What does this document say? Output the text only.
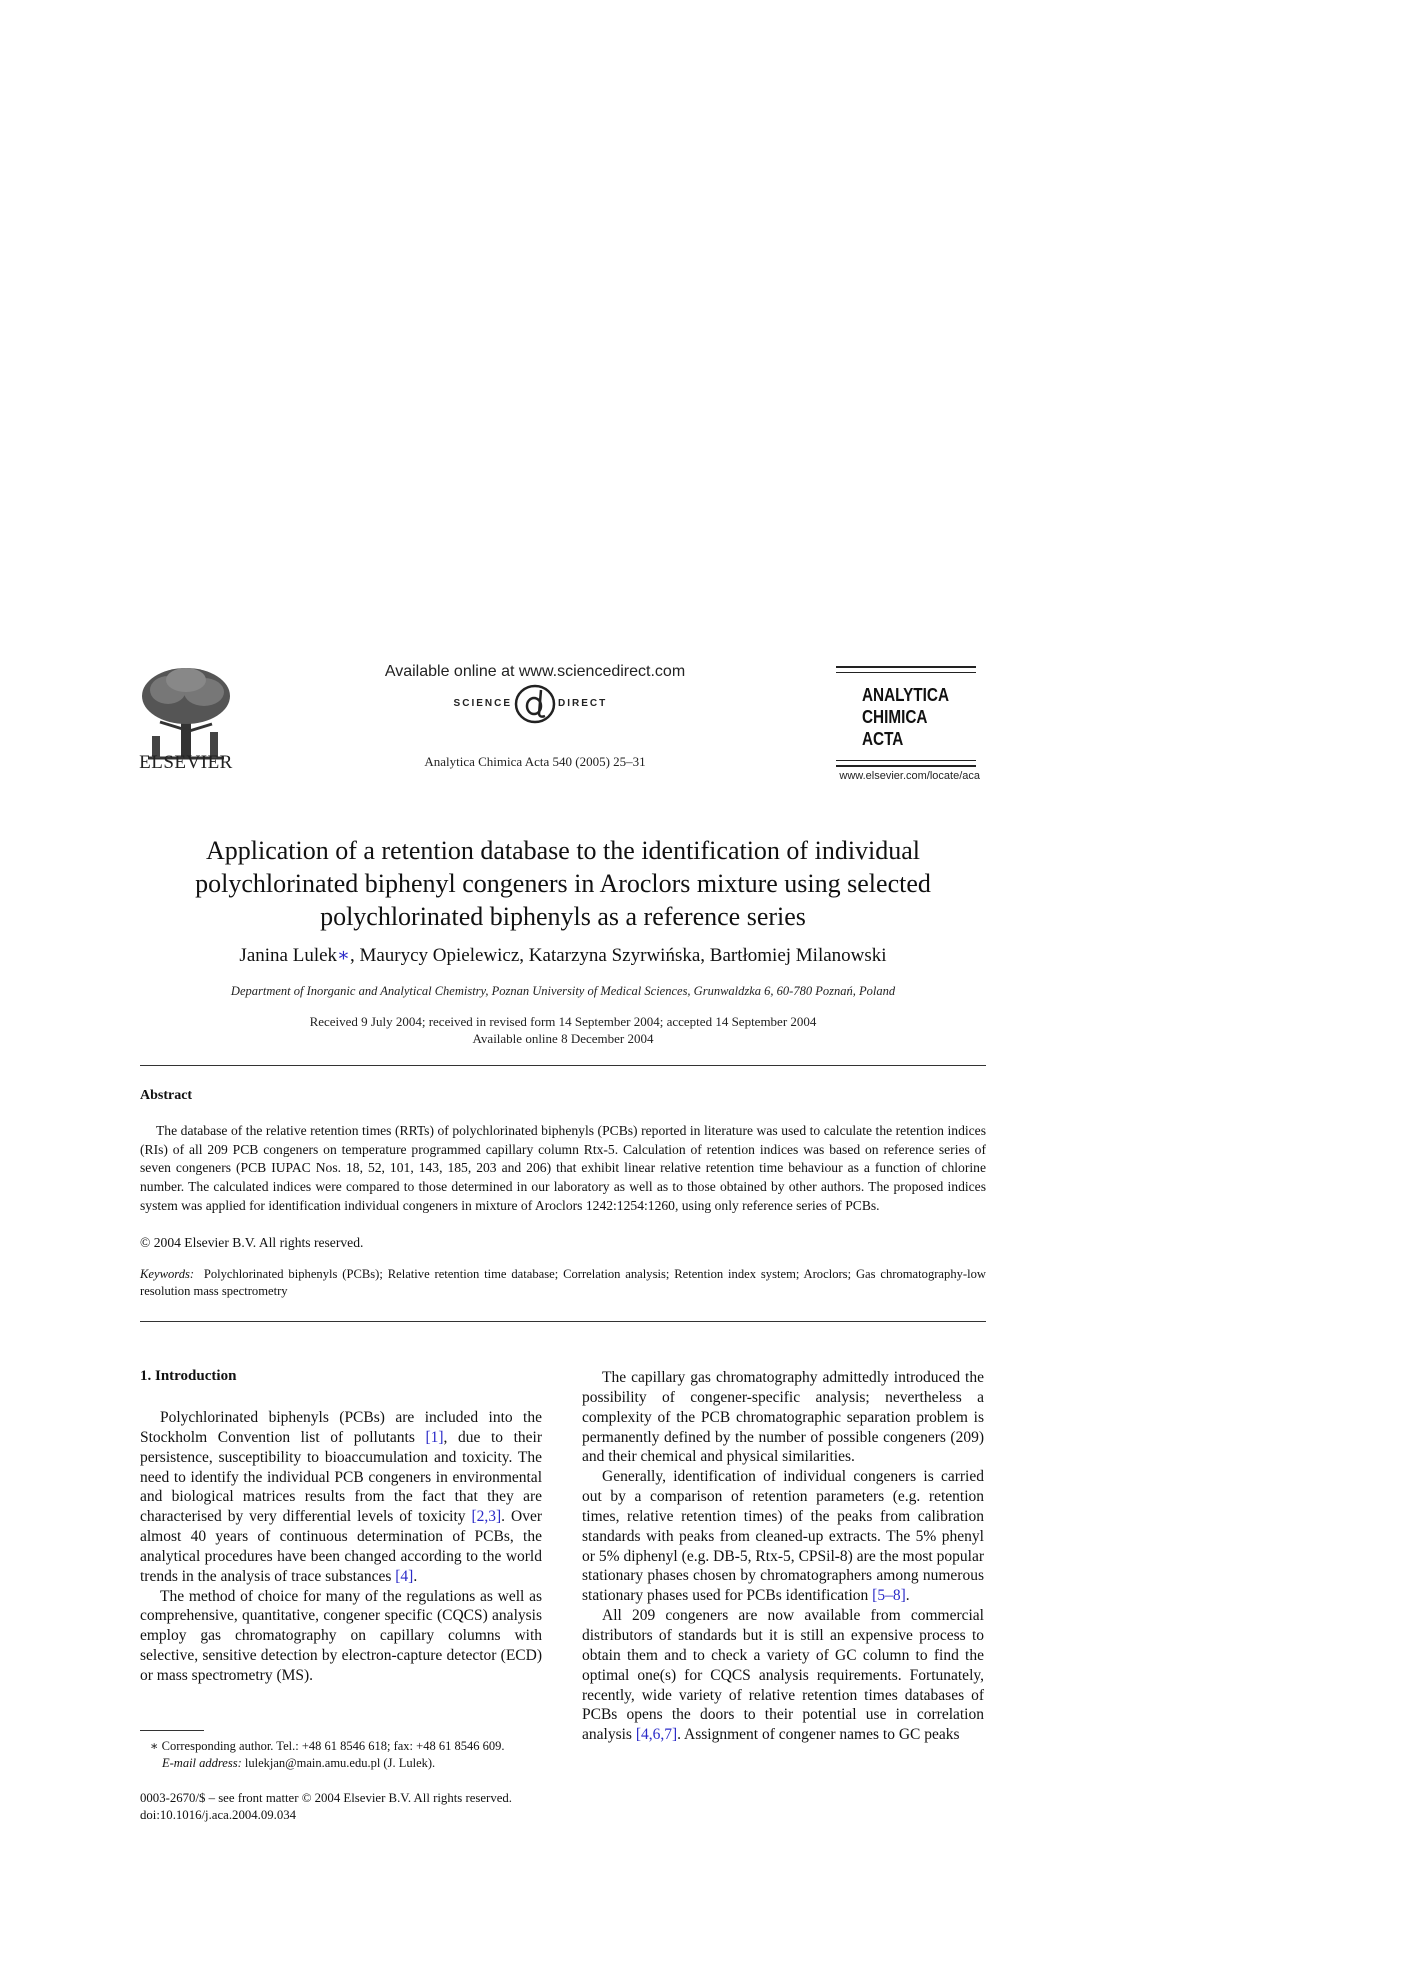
ELSEVIER
Available online at www.sciencedirect.com
SCIENCE	DIRECT
Analytica Chimica Acta 540 (2005) 25–31
ANALYTICA
CHIMICA
ACTA
www.elsevier.com/locate/aca
Application of a retention database to the identification of individual
polychlorinated biphenyl congeners in Aroclors mixture using selected
polychlorinated biphenyls as a reference series
Janina Lulek∗, Maurycy Opielewicz, Katarzyna Szyrwińska, Bartłomiej Milanowski
Department of Inorganic and Analytical Chemistry, Poznan University of Medical Sciences, Grunwaldzka 6, 60-780 Poznań, Poland
Received 9 July 2004; received in revised form 14 September 2004; accepted 14 September 2004
Available online 8 December 2004
Abstract

The database of the relative retention times (RRTs) of polychlorinated biphenyls (PCBs) reported in literature was used to calculate the retention indices (RIs) of all 209 PCB congeners on temperature programmed capillary column Rtx-5. Calculation of retention indices was based on reference series of seven congeners (PCB IUPAC Nos. 18, 52, 101, 143, 185, 203 and 206) that exhibit linear relative retention time behaviour as a function of chlorine number. The calculated indices were compared to those determined in our laboratory as well as to those obtained by other authors. The proposed indices system was applied for identification individual congeners in mixture of Aroclors 1242:1254:1260, using only reference series of PCBs.

© 2004 Elsevier B.V. All rights reserved.

Keywords: Polychlorinated biphenyls (PCBs); Relative retention time database; Correlation analysis; Retention index system; Aroclors; Gas chromatography-low resolution mass spectrometry

1. Introduction

Polychlorinated biphenyls (PCBs) are included into the Stockholm Convention list of pollutants [1], due to their persistence, susceptibility to bioaccumulation and toxicity. The need to identify the individual PCB congeners in environmental and biological matrices results from the fact that they are characterised by very differential levels of toxicity [2,3]. Over almost 40 years of continuous determination of PCBs, the analytical procedures have been changed according to the world trends in the analysis of trace substances [4].

The method of choice for many of the regulations as well as comprehensive, quantitative, congener specific (CQCS) analysis employ gas chromatography on capillary columns with selective, sensitive detection by electron-capture detector (ECD) or mass spectrometry (MS).

The capillary gas chromatography admittedly introduced the possibility of congener-specific analysis; nevertheless a complexity of the PCB chromatographic separation problem is permanently defined by the number of possible congeners (209) and their chemical and physical similarities.

Generally, identification of individual congeners is carried out by a comparison of retention parameters (e.g. retention times, relative retention times) of the peaks from calibration standards with peaks from cleaned-up extracts. The 5% phenyl or 5% diphenyl (e.g. DB-5, Rtx-5, CPSil-8) are the most popular stationary phases chosen by chromatographers among numerous stationary phases used for PCBs identification [5–8].

All 209 congeners are now available from commercial distributors of standards but it is still an expensive process to obtain them and to check a variety of GC column to find the optimal one(s) for CQCS analysis requirements. Fortunately, recently, wide variety of relative retention times databases of PCBs opens the doors to their potential use in correlation analysis [4,6,7]. Assignment of congener names to GC peaks

∗ Corresponding author. Tel.: +48 61 8546 618; fax: +48 61 8546 609.
E-mail address: lulekjan@main.amu.edu.pl (J. Lulek).
0003-2670/$ – see front matter © 2004 Elsevier B.V. All rights reserved.
doi:10.1016/j.aca.2004.09.034
